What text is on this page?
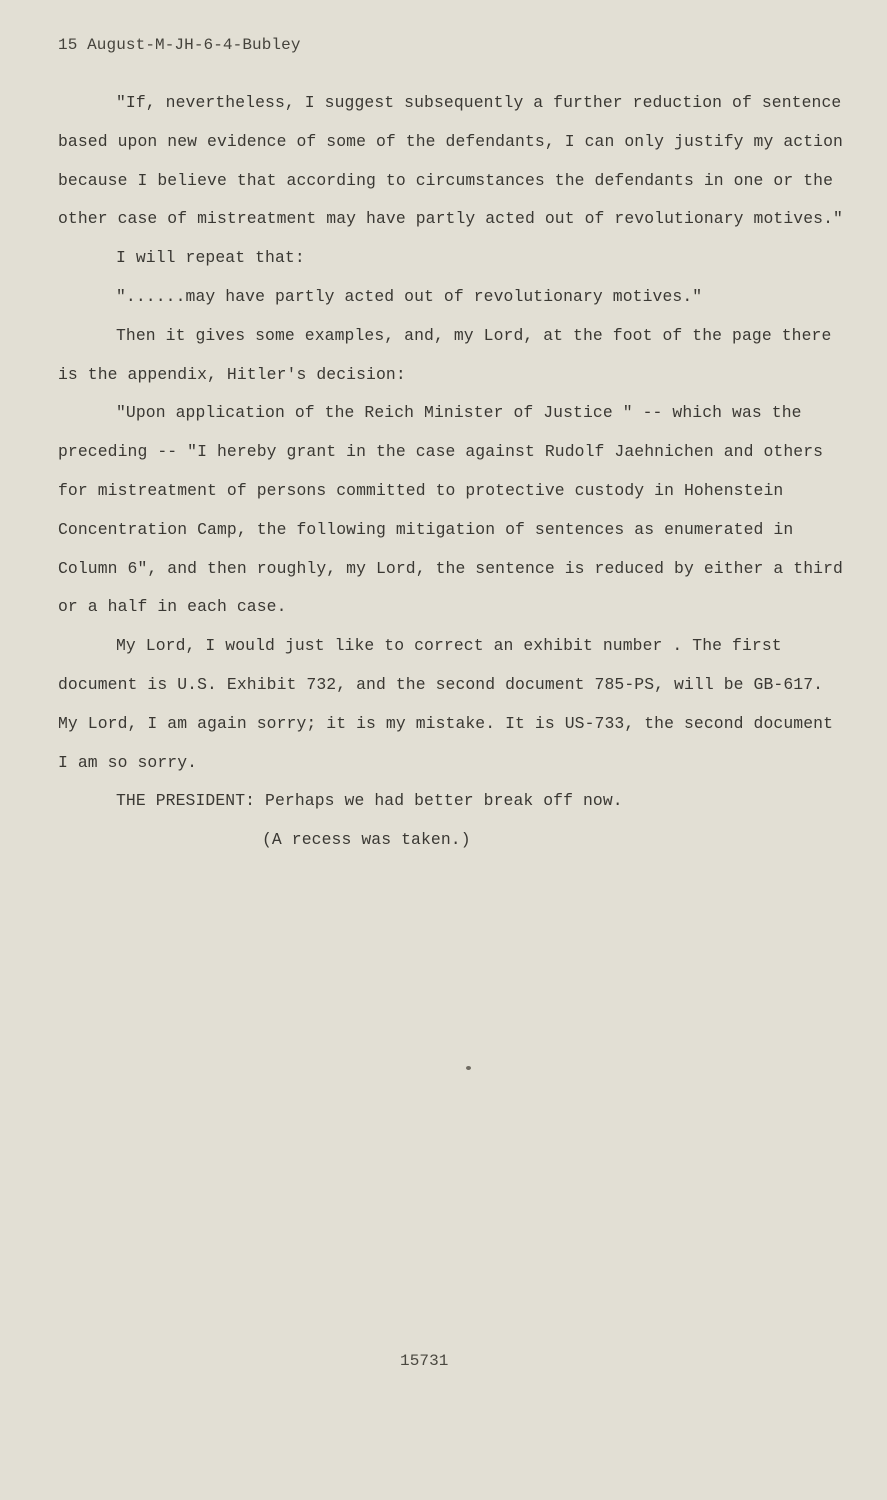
15 August-M-JH-6-4-Bubley
"If, nevertheless, I suggest subsequently a further reduction of sentence
based upon new evidence of some of the defendants, I can only justify my action
because I believe that according to circumstances the defendants in one or the
other case of mistreatment may have partly acted out of revolutionary motives."
I will repeat that:
"......may have partly acted out of revolutionary motives."
Then it gives some examples, and, my Lord, at the foot of the page there
is the appendix, Hitler's decision:
"Upon application of the Reich Minister of Justice " -- which was the
preceding -- "I hereby grant in the case against Rudolf Jaehnichen and others
for mistreatment of persons committed to protective custody in Hohenstein
Concentration Camp, the following mitigation of sentences as enumerated in
Column 6", and then roughly, my Lord, the sentence is reduced by either a third
or a half in each case.
My Lord, I would just like to correct an exhibit number . The first
document is U.S. Exhibit 732, and the second document 785-PS, will be GB-617.
My Lord, I am again sorry; it is my mistake. It is US-733, the second document
I am so sorry.
THE PRESIDENT: Perhaps we had better break off now.
(A recess was taken.)
15731
